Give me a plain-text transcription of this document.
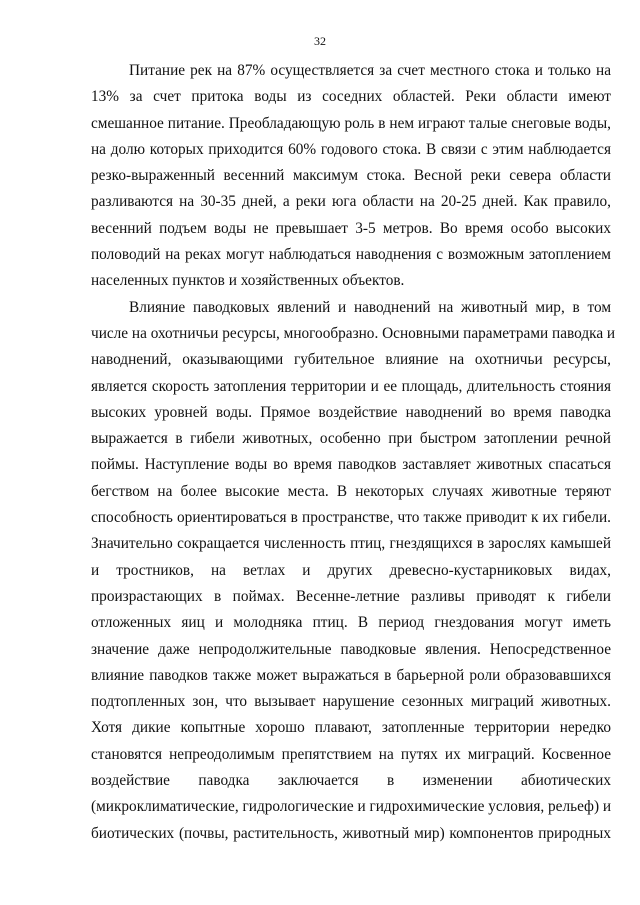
32

Питание рек на 87% осуществляется за счет местного стока и только на
13% за счет притока воды из соседних областей. Реки области имеют
смешанное питание. Преобладающую роль в нем играют талые снеговые воды,
на долю которых приходится 60% годового стока. В связи с этим наблюдается
резко-выраженный весенний максимум стока. Весной реки севера области
разливаются на 30-35 дней, а реки юга области на 20-25 дней. Как правило,
весенний подъем воды не превышает 3-5 метров. Во время особо высоких
половодий на реках могут наблюдаться наводнения с возможным затоплением
населенных пунктов и хозяйственных объектов.

Влияние паводковых явлений и наводнений на животный мир, в том
числе на охотничьи ресурсы, многообразно. Основными параметрами паводка и
наводнений, оказывающими губительное влияние на охотничьи ресурсы,
является скорость затопления территории и ее площадь, длительность стояния
высоких уровней воды. Прямое воздействие наводнений во время паводка
выражается в гибели животных, особенно при быстром затоплении речной
поймы. Наступление воды во время паводков заставляет животных спасаться
бегством на более высокие места. В некоторых случаях животные теряют
способность ориентироваться в пространстве, что также приводит к их гибели.
Значительно сокращается численность птиц, гнездящихся в зарослях камышей
и тростников, на ветлах и других древесно-кустарниковых видах,
произрастающих в поймах. Весенне-летние разливы приводят к гибели
отложенных яиц и молодняка птиц. В период гнездования могут иметь
значение даже непродолжительные паводковые явления. Непосредственное
влияние паводков также может выражаться в барьерной роли образовавшихся
подтопленных зон, что вызывает нарушение сезонных миграций животных.
Хотя дикие копытные хорошо плавают, затопленные территории нередко
становятся непреодолимым препятствием на путях их миграций. Косвенное
воздействие паводка заключается в изменении абиотических
(микроклиматические, гидрологические и гидрохимические условия, рельеф) и
биотических (почвы, растительность, животный мир) компонентов природных
